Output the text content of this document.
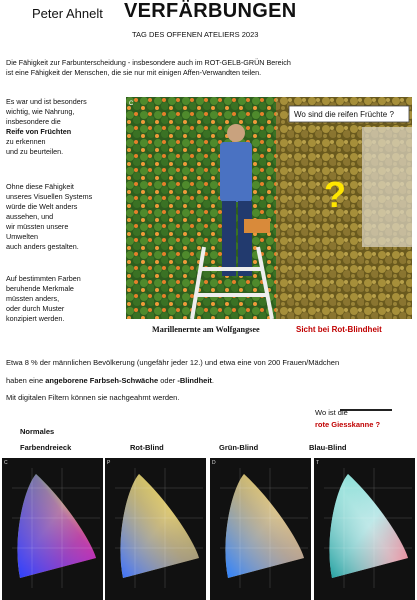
Peter Ahnelt VERFÄRBUNGEN
TAG DES OFFENEN ATELIERS 2023
Die Fähigkeit zur Farbunterscheidung - insbesondere auch im ROT-GELB-GRÜN Bereich
ist eine Fähigkeit der Menschen, die sie nur mit einigen Affen-Verwandten teilen.
Es war und ist besonders
wichtig, wie Nahrung,
insbesondere die
Reife von Früchten
zu erkennen
und zu beurteilen.
Ohne diese Fähigkeit
unseres Visuellen Systems
würde die Welt anders
aussehen, und
wir müssten unsere
Umwelten
auch anders gestalten.
Auf bestimmten Farben
beruhende Merkmale
müssten anders,
oder durch Muster
konzipiert werden.
Wo sind die reifen Früchte ?
?
C
Marillenernte am Wolfgangsee	Sicht bei Rot-Blindheit
Etwa 8 % der männlichen Bevölkerung (ungefähr jeder 12.) und etwa eine von 200 Frauen/Mädchen
haben eine angeborene Farbseh-Schwäche oder -Blindheit.
Mit digitalen Filtern können sie nachgeahmt werden.
Wo ist die
rote Giesskanne ?
Normales
Farbendreieck	Rot-Blind	Grün-Blind	Blau-Blind
C	P	D	T
